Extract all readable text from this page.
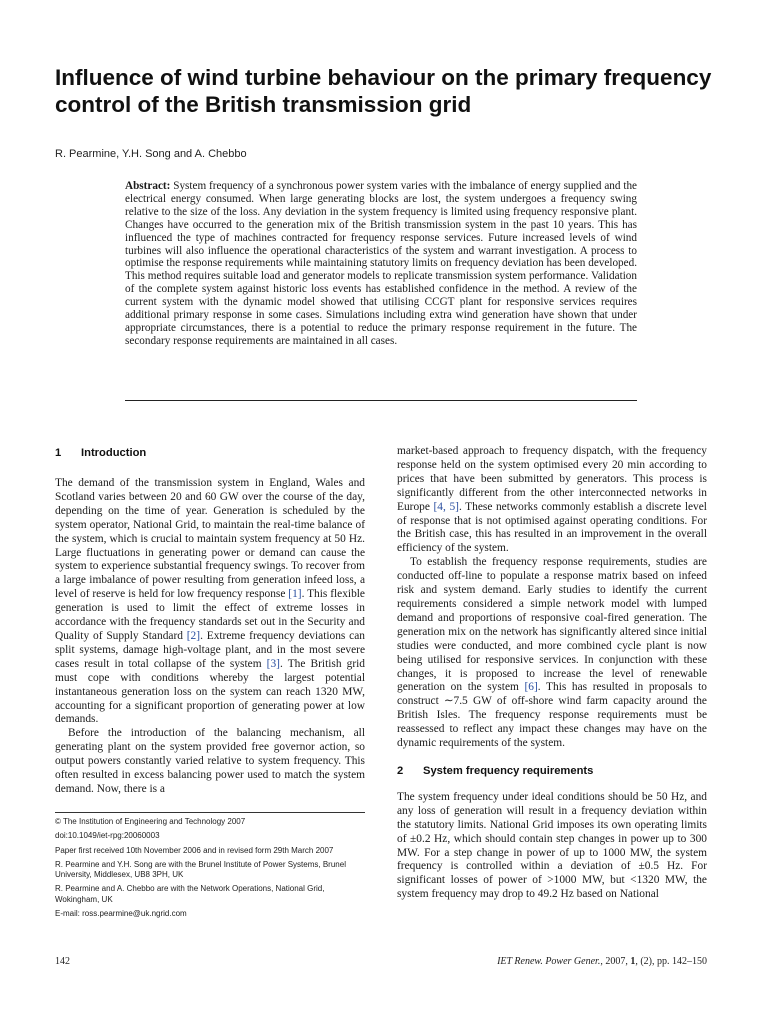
Influence of wind turbine behaviour on the primary frequency control of the British transmission grid
R. Pearmine, Y.H. Song and A. Chebbo

Abstract: System frequency of a synchronous power system varies with the imbalance of energy supplied and the electrical energy consumed. When large generating blocks are lost, the system undergoes a frequency swing relative to the size of the loss. Any deviation in the system frequency is limited using frequency responsive plant. Changes have occurred to the generation mix of the British transmission system in the past 10 years. This has influenced the type of machines contracted for frequency response services. Future increased levels of wind turbines will also influence the operational characteristics of the system and warrant investigation. A process to optimise the response requirements while maintaining statutory limits on frequency deviation has been developed. This method requires suitable load and generator models to replicate transmission system performance. Validation of the complete system against historic loss events has established confidence in the method. A review of the current system with the dynamic model showed that utilising CCGT plant for responsive services requires additional primary response in some cases. Simulations including extra wind generation have shown that under appropriate circumstances, there is a potential to reduce the primary response requirement in the future. The secondary response requirements are maintained in all cases.

1 Introduction

The demand of the transmission system in England, Wales and Scotland varies between 20 and 60 GW over the course of the day, depending on the time of year. Generation is scheduled by the system operator, National Grid, to maintain the real-time balance of the system, which is crucial to maintain system frequency at 50 Hz. Large fluctuations in generating power or demand can cause the system to experience substantial frequency swings. To recover from a large imbalance of power resulting from generation infeed loss, a level of reserve is held for low frequency response [1]. This flexible generation is used to limit the effect of extreme losses in accordance with the frequency standards set out in the Security and Quality of Supply Standard [2]. Extreme frequency deviations can split systems, damage high-voltage plant, and in the most severe cases result in total collapse of the system [3]. The British grid must cope with conditions whereby the largest potential instantaneous generation loss on the system can reach 1320 MW, accounting for a significant proportion of generating power at low demands.

Before the introduction of the balancing mechanism, all generating plant on the system provided free governor action, so output powers constantly varied relative to system frequency. This often resulted in excess balancing power used to match the system demand. Now, there is a

© The Institution of Engineering and Technology 2007

doi:10.1049/iet-rpg:20060003

Paper first received 10th November 2006 and in revised form 29th March 2007

R. Pearmine and Y.H. Song are with the Brunel Institute of Power Systems, Brunel University, Middlesex, UB8 3PH, UK

R. Pearmine and A. Chebbo are with the Network Operations, National Grid, Wokingham, UK

E-mail: ross.pearmine@uk.ngrid.com

market-based approach to frequency dispatch, with the frequency response held on the system optimised every 20 min according to prices that have been submitted by generators. This process is significantly different from the other interconnected networks in Europe [4, 5]. These networks commonly establish a discrete level of response that is not optimised against operating conditions. For the British case, this has resulted in an improvement in the overall efficiency of the system.

To establish the frequency response requirements, studies are conducted off-line to populate a response matrix based on infeed risk and system demand. Early studies to identify the current requirements considered a simple network model with lumped demand and proportions of responsive coal-fired generation. The generation mix on the network has significantly altered since initial studies were conducted, and more combined cycle plant is now being utilised for responsive services. In conjunction with these changes, it is proposed to increase the level of renewable generation on the system [6]. This has resulted in proposals to construct ∼7.5 GW of off-shore wind farm capacity around the British Isles. The frequency response requirements must be reassessed to reflect any impact these changes may have on the dynamic requirements of the system.

2 System frequency requirements

The system frequency under ideal conditions should be 50 Hz, and any loss of generation will result in a frequency deviation within the statutory limits. National Grid imposes its own operating limits of ±0.2 Hz, which should contain step changes in power up to 300 MW. For a step change in power of up to 1000 MW, the system frequency is controlled within a deviation of ±0.5 Hz. For significant losses of power of >1000 MW, but <1320 MW, the system frequency may drop to 49.2 Hz based on National

142	IET Renew. Power Gener., 2007, 1, (2), pp. 142–150
